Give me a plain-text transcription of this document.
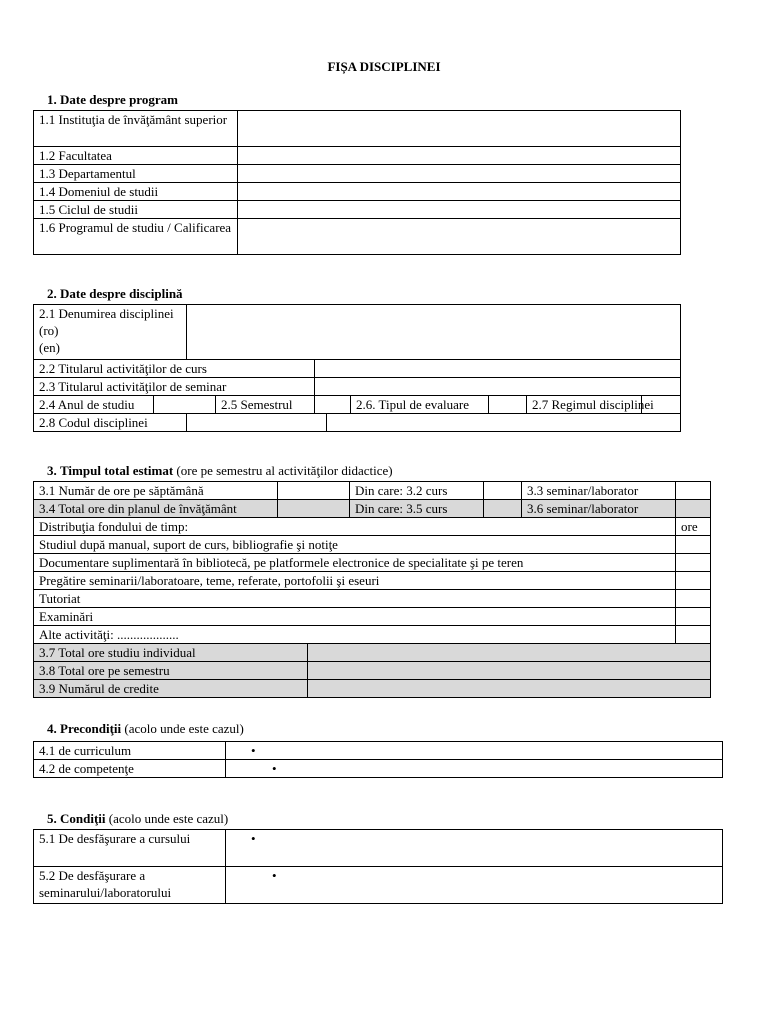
FIȘA DISCIPLINEI
1. Date despre program
1.1 Instituţia de învăţământ superior	
1.2 Facultatea	
1.3 Departamentul	
1.4 Domeniul de studii	
1.5 Ciclul de studii	
1.6 Programul de studiu / Calificarea	
2. Date despre disciplină
2.1 Denumirea disciplinei
(ro)
(en)									

2.2 Titularul activităţilor de curs									
2.3 Titularul activităţilor de seminar									
2.4 Anul de studiu			2.5 Semestrul			2.6. Tipul de evaluare		2.7 Regimul disciplinei	
2.8 Codul disciplinei									
3. Timpul total estimat (ore pe semestru al activităţilor didactice)
3.1 Număr de ore pe săptămână			Din care: 3.2 curs		3.3 seminar/laborator	
3.4 Total ore din planul de învăţământ			Din care: 3.5 curs		3.6 seminar/laborator	
Distribuţia fondului de timp:						ore
Studiul după manual, suport de curs, bibliografie şi notiţe						
Documentare suplimentară în bibliotecă, pe platformele electronice de specialitate şi pe teren						
Pregătire seminarii/laboratoare, teme, referate, portofolii şi eseuri						
Tutoriat						
Examinări						
Alte activităţi: ...................						
3.7 Total ore studiu individual						
3.8 Total ore pe semestru						
3.9 Numărul de credite						
4. Precondiţii (acolo unde este cazul)
4.1 de curriculum	•
4.2 de competenţe	•
5. Condiţii (acolo unde este cazul)
5.1 De desfăşurare a cursului	•
5.2 De desfăşurare a seminarului/laboratorului	•
